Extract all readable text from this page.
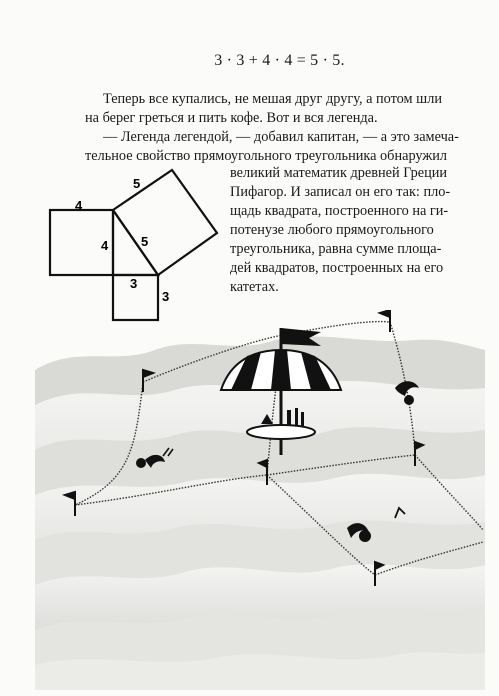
3 · 3 + 4 · 4 = 5 · 5.

Теперь все купались, не мешая друг другу, а потом шли
на берег греться и пить кофе. Вот и вся легенда.

— Легенда легендой, — добавил капитан, — а это замеча-
тельное свойство прямоугольного треугольника обнаружил

великий математик древней Греции
Пифагор. И записал он его так: пло-
щадь квадрата, построенного на ги-
потенузе любого прямоугольного
треугольника, равна сумме площа-
дей квадратов, построенных на его
катетах.

5
4
4	5
3
3
